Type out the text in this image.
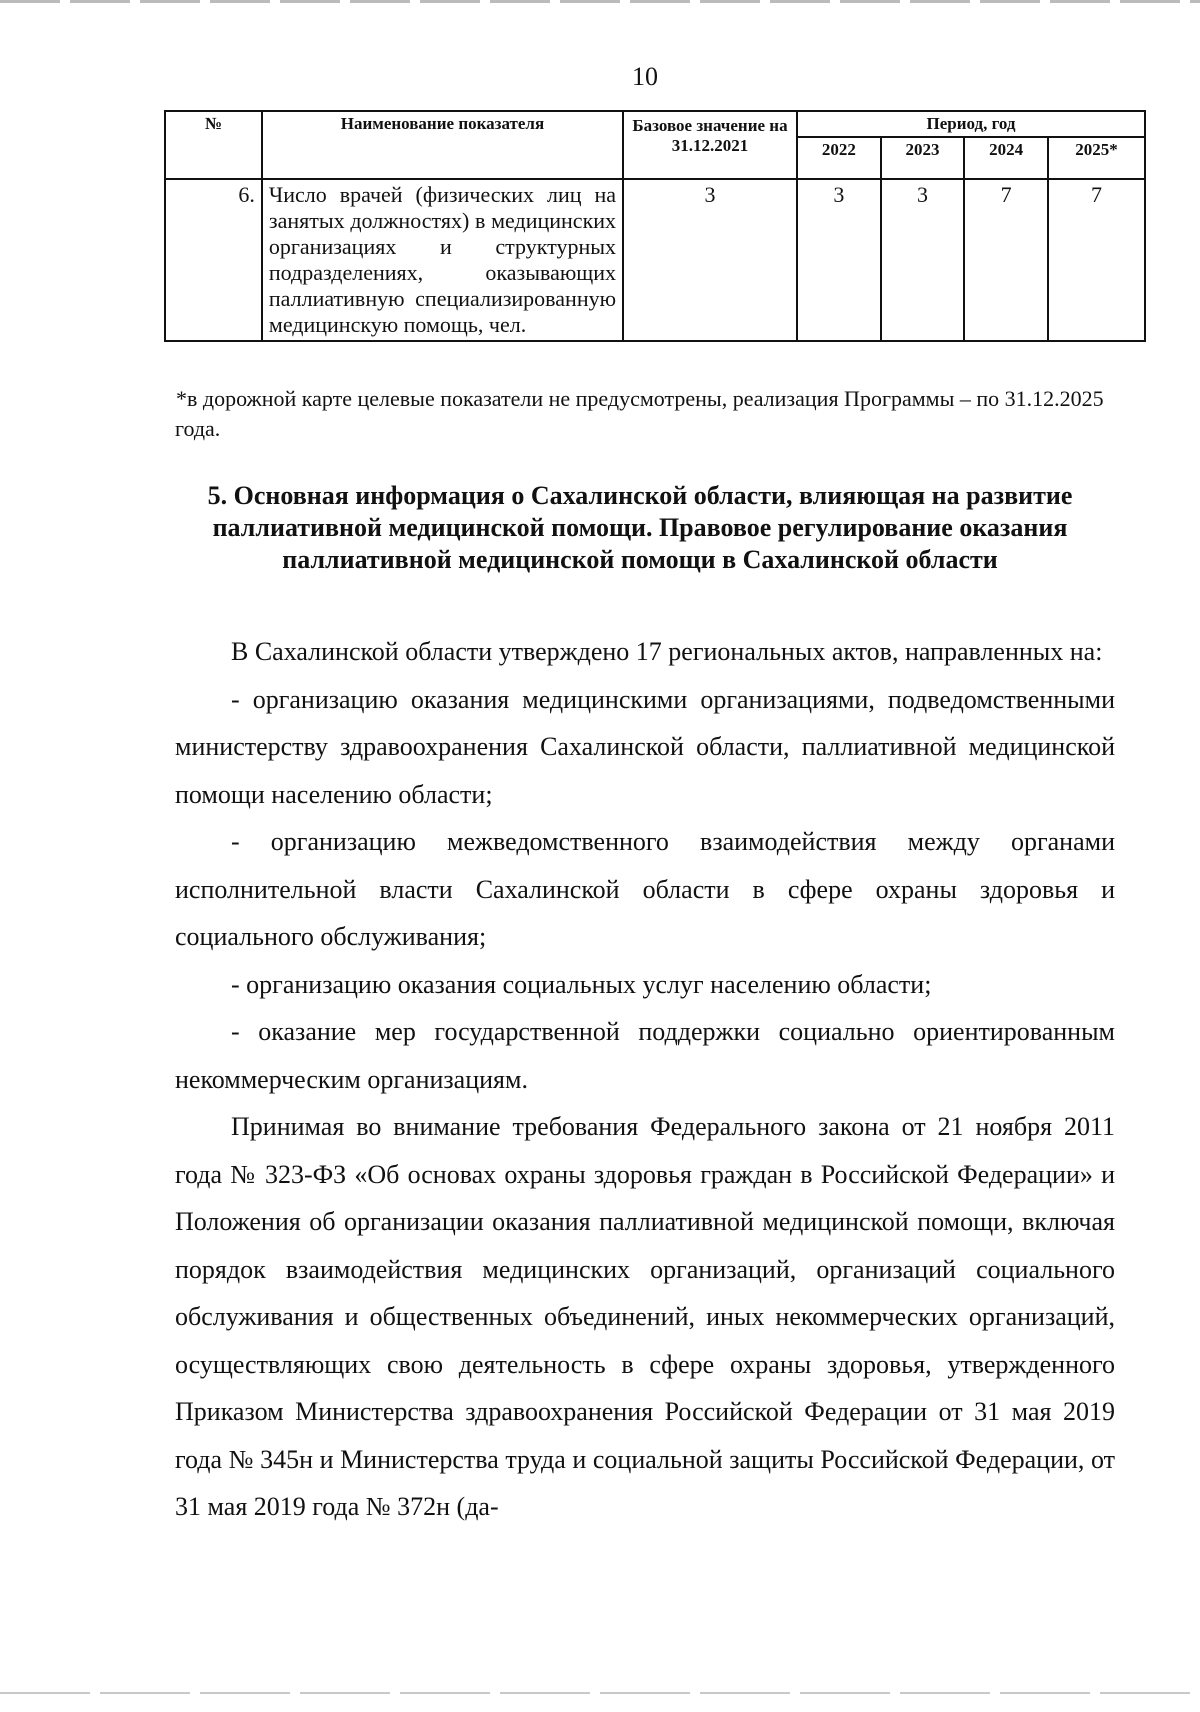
10
№	Наименование показателя	Базовое значение на 31.12.2021	Период, год			
			2022	2023	2024	2025*
6.	Число врачей (физических лиц на занятых должностях) в медицинских организациях и структурных подразделениях, оказывающих паллиативную специализированную медицинскую помощь, чел.	3	3	3	7	7
*в дорожной карте целевые показатели не предусмотрены, реализация Программы – по 31.12.2025 года.
5. Основная информация о Сахалинской области, влияющая на развитие паллиативной медицинской помощи. Правовое регулирование оказания паллиативной медицинской помощи в Сахалинской области

В Сахалинской области утверждено 17 региональных актов, направленных на:

- организацию оказания медицинскими организациями, подведомственными министерству здравоохранения Сахалинской области, паллиативной медицинской помощи населению области;

- организацию межведомственного взаимодействия между органами исполнительной власти Сахалинской области в сфере охраны здоровья и социального обслуживания;

- организацию оказания социальных услуг населению области;

- оказание мер государственной поддержки социально ориентированным некоммерческим организациям.

Принимая во внимание требования Федерального закона от 21 ноября 2011 года № 323-ФЗ «Об основах охраны здоровья граждан в Российской Федерации» и Положения об организации оказания паллиативной медицинской помощи, включая порядок взаимодействия медицинских организаций, организаций социального обслуживания и общественных объединений, иных некоммерческих организаций, осуществляющих свою деятельность в сфере охраны здоровья, утвержденного Приказом Министерства здравоохранения Российской Федерации от 31 мая 2019 года № 345н и Министерства труда и социальной защиты Российской Федерации, от 31 мая 2019 года № 372н (да-
